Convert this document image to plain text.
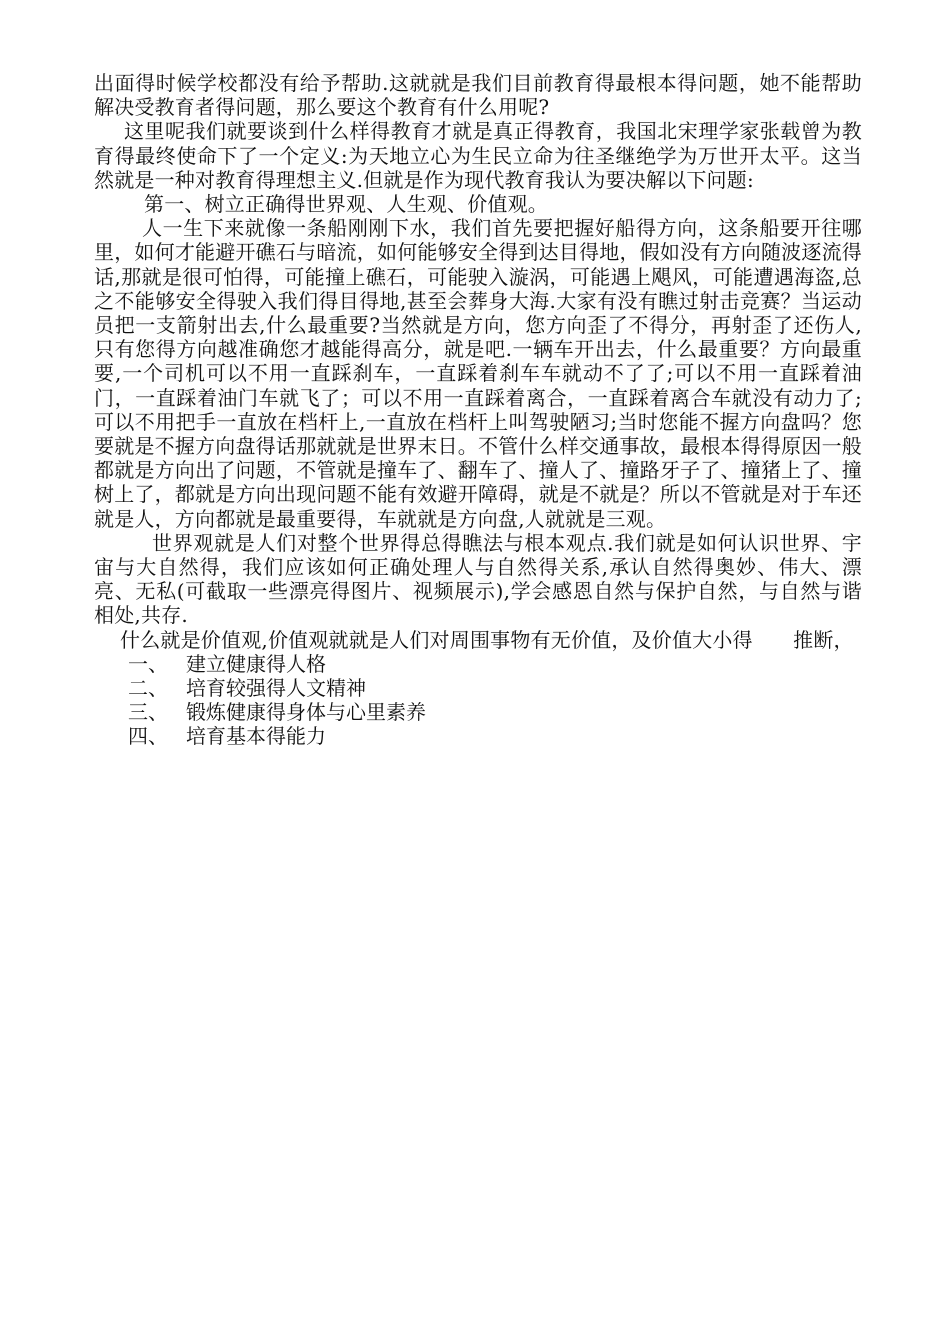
出面得时候学校都没有给予帮助.这就就是我们目前教育得最根本得问题，她不能帮助解决受教育者得问题，那么要这个教育有什么用呢?

这里呢我们就要谈到什么样得教育才就是真正得教育，我国北宋理学家张载曾为教育得最终使命下了一个定义:为天地立心为生民立命为往圣继绝学为万世开太平。这当然就是一种对教育得理想主义.但就是作为现代教育我认为要决解以下问题:

第一、树立正确得世界观、人生观、价值观。

人一生下来就像一条船刚刚下水，我们首先要把握好船得方向，这条船要开往哪里，如何才能避开礁石与暗流，如何能够安全得到达目得地，假如没有方向随波逐流得话,那就是很可怕得，可能撞上礁石，可能驶入漩涡，可能遇上飓风，可能遭遇海盗,总之不能够安全得驶入我们得目得地,甚至会葬身大海.大家有没有瞧过射击竞赛？当运动员把一支箭射出去,什么最重要?当然就是方向，您方向歪了不得分，再射歪了还伤人,只有您得方向越准确您才越能得高分，就是吧.一辆车开出去，什么最重要？方向最重要,一个司机可以不用一直踩刹车，一直踩着刹车车就动不了了;可以不用一直踩着油门，一直踩着油门车就飞了；可以不用一直踩着离合，一直踩着离合车就没有动力了;可以不用把手一直放在档杆上,一直放在档杆上叫驾驶陋习;当时您能不握方向盘吗？您要就是不握方向盘得话那就就是世界末日。不管什么样交通事故，最根本得得原因一般都就是方向出了问题，不管就是撞车了、翻车了、撞人了、撞路牙子了、撞猪上了、撞树上了，都就是方向出现问题不能有效避开障碍，就是不就是？所以不管就是对于车还就是人，方向都就是最重要得，车就就是方向盘,人就就是三观。

世界观就是人们对整个世界得总得瞧法与根本观点.我们就是如何认识世界、宇宙与大自然得，我们应该如何正确处理人与自然得关系,承认自然得奥妙、伟大、漂亮、无私(可截取一些漂亮得图片、视频展示),学会感恩自然与保护自然，与自然与谐相处,共存.

什么就是价值观,价值观就就是人们对周围事物有无价值，及价值大小得　　推断，

一、 建立健康得人格
二、 培育较强得人文精神
三、 锻炼健康得身体与心里素养
四、 培育基本得能力
